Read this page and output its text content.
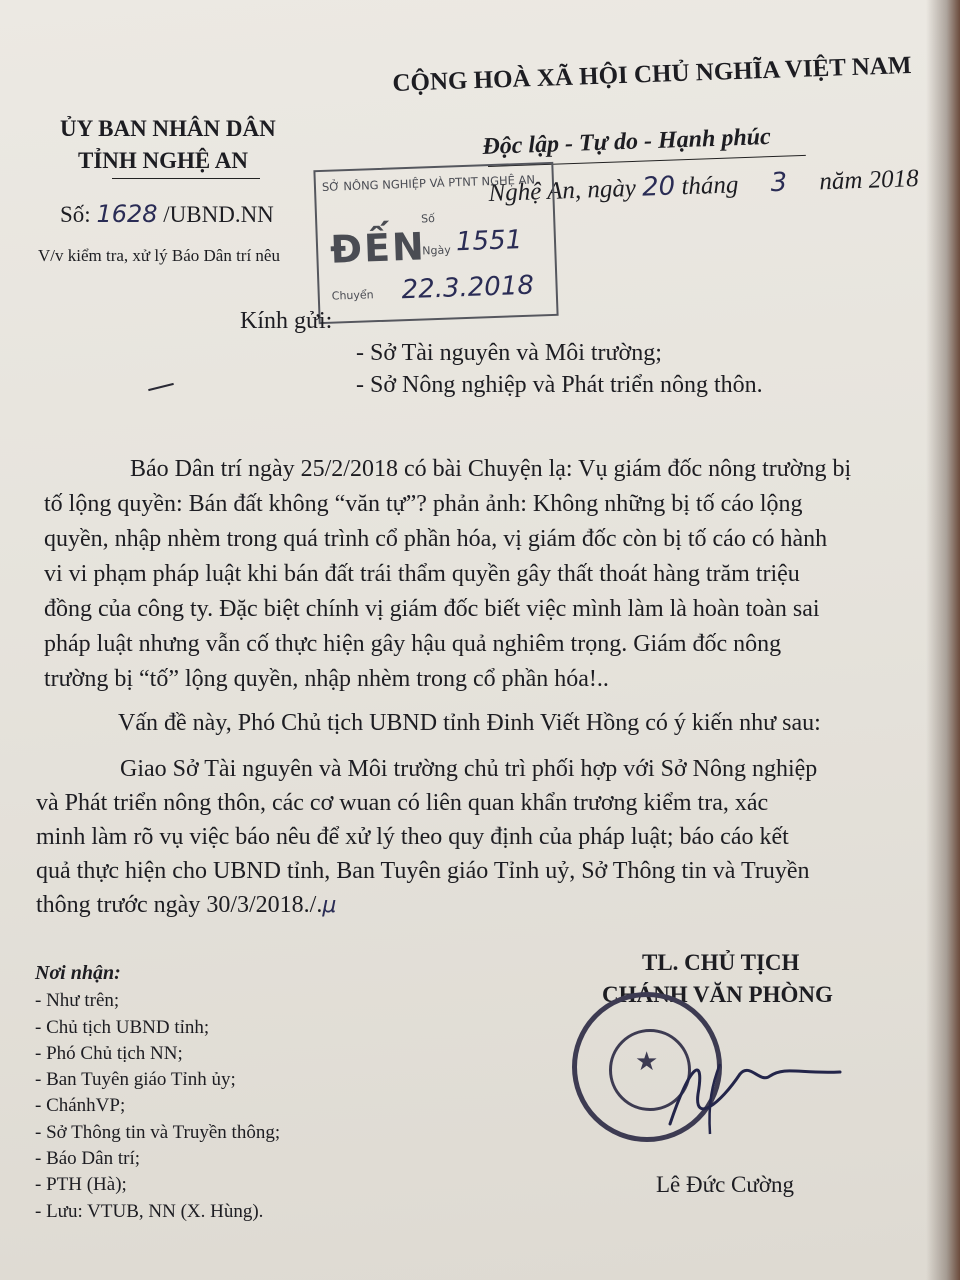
ỦY BAN NHÂN DÂN
TỈNH NGHỆ AN
CỘNG HOÀ XÃ HỘI CHỦ NGHĨA VIỆT NAM
Độc lập - Tự do - Hạnh phúc
Số: 1628 /UBND.NN
V/v kiểm tra, xử lý Báo Dân trí nêu
Nghệ An, ngày 20 tháng 3 năm 2018
SỞ NÔNG NGHIỆP VÀ PTNT NGHỆ AN
Số
Ngày
ĐẾN
Chuyển
1551
22.3.2018
Kính gửi:
- Sở Tài nguyên và Môi trường;
- Sở Nông nghiệp và Phát triển nông thôn.
Báo Dân trí ngày 25/2/2018 có bài Chuyện lạ: Vụ giám đốc nông trường bị
tố lộng quyền: Bán đất không “văn tự”? phản ảnh: Không những bị tố cáo lộng
quyền, nhập nhèm trong quá trình cổ phần hóa, vị giám đốc còn bị tố cáo có hành
vi vi phạm pháp luật khi bán đất trái thẩm quyền gây thất thoát hàng trăm triệu
đồng của công ty. Đặc biệt chính vị giám đốc biết việc mình làm là hoàn toàn sai
pháp luật nhưng vẫn cố thực hiện gây hậu quả nghiêm trọng. Giám đốc nông
trường bị “tố” lộng quyền, nhập nhèm trong cổ phần hóa!..
Vấn đề này, Phó Chủ tịch UBND tỉnh Đinh Viết Hồng có ý kiến như sau:
Giao Sở Tài nguyên và Môi trường chủ trì phối hợp với Sở Nông nghiệp
và Phát triển nông thôn, các cơ wuan có liên quan khẩn trương kiểm tra, xác
minh làm rõ vụ việc báo nêu để xử lý theo quy định của pháp luật; báo cáo kết
quả thực hiện cho UBND tỉnh, Ban Tuyên giáo Tỉnh uỷ, Sở Thông tin và Truyền
thông trước ngày 30/3/2018./.μ
Nơi nhận:
- Như trên;
- Chủ tịch UBND tỉnh;
- Phó Chủ tịch NN;
- Ban Tuyên giáo Tỉnh ủy;
- ChánhVP;
- Sở Thông tin và Truyền thông;
- Báo Dân trí;
- PTH (Hà);
- Lưu: VTUB, NN (X. Hùng).
TL. CHỦ TỊCH
CHÁNH VĂN PHÒNG
★
Lê Đức Cường
